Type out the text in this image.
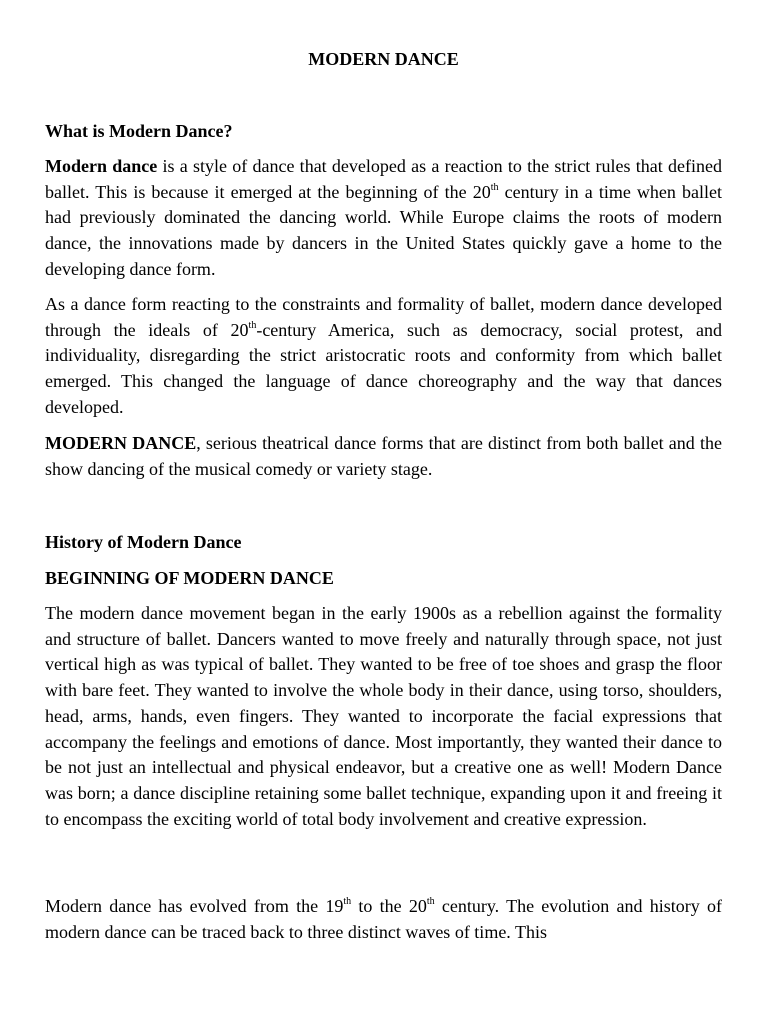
MODERN DANCE
What is Modern Dance?

Modern dance is a style of dance that developed as a reaction to the strict rules that defined ballet. This is because it emerged at the beginning of the 20th century in a time when ballet had previously dominated the dancing world. While Europe claims the roots of modern dance, the innovations made by dancers in the United States quickly gave a home to the developing dance form.

As a dance form reacting to the constraints and formality of ballet, modern dance developed through the ideals of 20th-century America, such as democracy, social protest, and individuality, disregarding the strict aristocratic roots and conformity from which ballet emerged. This changed the language of dance choreography and the way that dances developed.

MODERN DANCE, serious theatrical dance forms that are distinct from both ballet and the show dancing of the musical comedy or variety stage.

History of Modern Dance
BEGINNING OF MODERN DANCE

The modern dance movement began in the early 1900s as a rebellion against the formality and structure of ballet. Dancers wanted to move freely and naturally through space, not just vertical high as was typical of ballet. They wanted to be free of toe shoes and grasp the floor with bare feet. They wanted to involve the whole body in their dance, using torso, shoulders, head, arms, hands, even fingers. They wanted to incorporate the facial expressions that accompany the feelings and emotions of dance. Most importantly, they wanted their dance to be not just an intellectual and physical endeavor, but a creative one as well! Modern Dance was born; a dance discipline retaining some ballet technique, expanding upon it and freeing it to encompass the exciting world of total body involvement and creative expression.

Modern dance has evolved from the 19th to the 20th century. The evolution and history of modern dance can be traced back to three distinct waves of time. This
